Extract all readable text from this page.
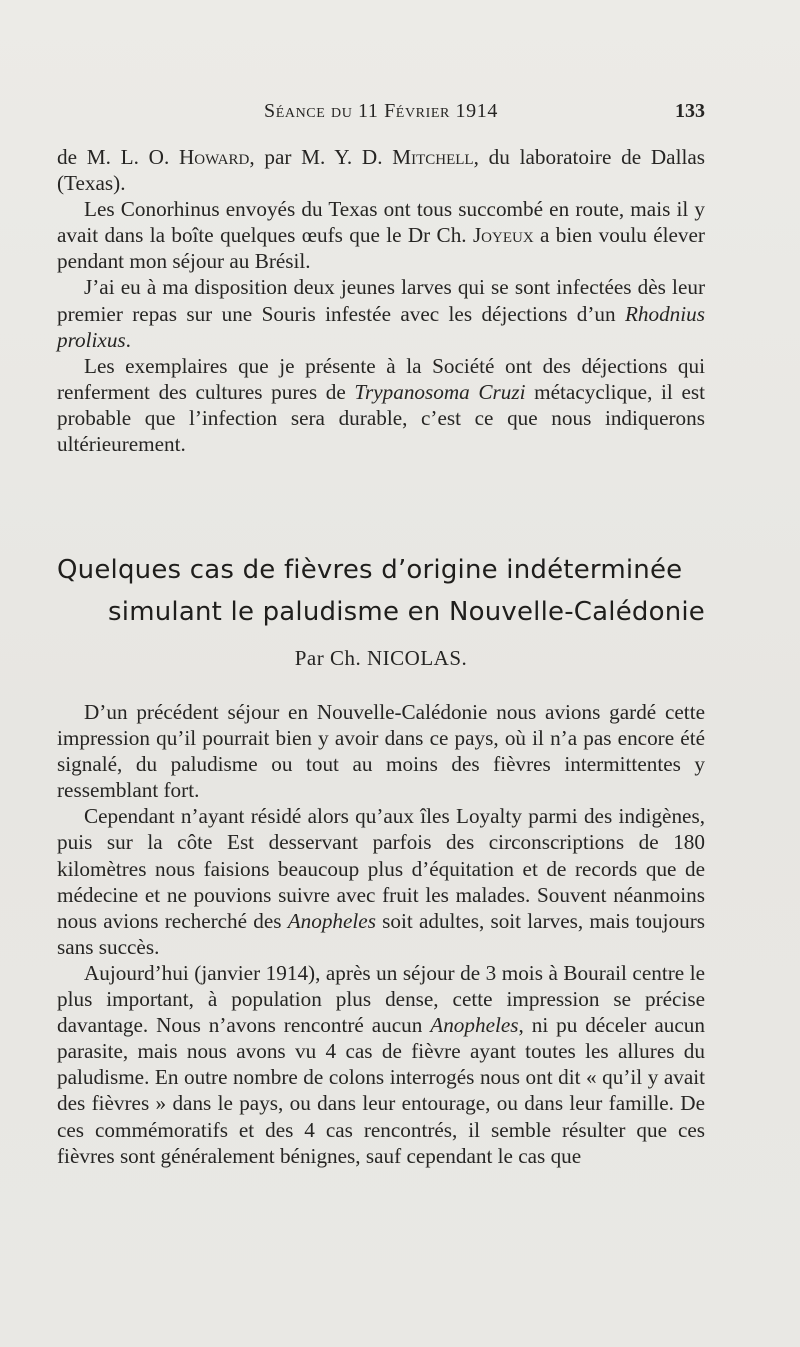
Séance du 11 Février 1914	133

de M. L. O. Howard, par M. Y. D. Mitchell, du laboratoire de Dallas (Texas).

Les Conorhinus envoyés du Texas ont tous succombé en route, mais il y avait dans la boîte quelques œufs que le Dr Ch. Joyeux a bien voulu élever pendant mon séjour au Brésil.

J’ai eu à ma disposition deux jeunes larves qui se sont infectées dès leur premier repas sur une Souris infestée avec les déjections d’un Rhodnius prolixus.

Les exemplaires que je présente à la Société ont des déjections qui renferment des cultures pures de Trypanosoma Cruzi métacyclique, il est probable que l’infection sera durable, c’est ce que nous indiquerons ultérieurement.

Quelques cas de fièvres d’origine indéterminée
simulant le paludisme en Nouvelle-Calédonie
Par Ch. NICOLAS.

D’un précédent séjour en Nouvelle-Calédonie nous avions gardé cette impression qu’il pourrait bien y avoir dans ce pays, où il n’a pas encore été signalé, du paludisme ou tout au moins des fièvres intermittentes y ressemblant fort.

Cependant n’ayant résidé alors qu’aux îles Loyalty parmi des indigènes, puis sur la côte Est desservant parfois des circonscriptions de 180 kilomètres nous faisions beaucoup plus d’équitation et de records que de médecine et ne pouvions suivre avec fruit les malades. Souvent néanmoins nous avions recherché des Anopheles soit adultes, soit larves, mais toujours sans succès.

Aujourd’hui (janvier 1914), après un séjour de 3 mois à Bourail centre le plus important, à population plus dense, cette impression se précise davantage. Nous n’avons rencontré aucun Anopheles, ni pu déceler aucun parasite, mais nous avons vu 4 cas de fièvre ayant toutes les allures du paludisme. En outre nombre de colons interrogés nous ont dit « qu’il y avait des fièvres » dans le pays, ou dans leur entourage, ou dans leur famille. De ces commémoratifs et des 4 cas rencontrés, il semble résulter que ces fièvres sont généralement bénignes, sauf cependant le cas que
